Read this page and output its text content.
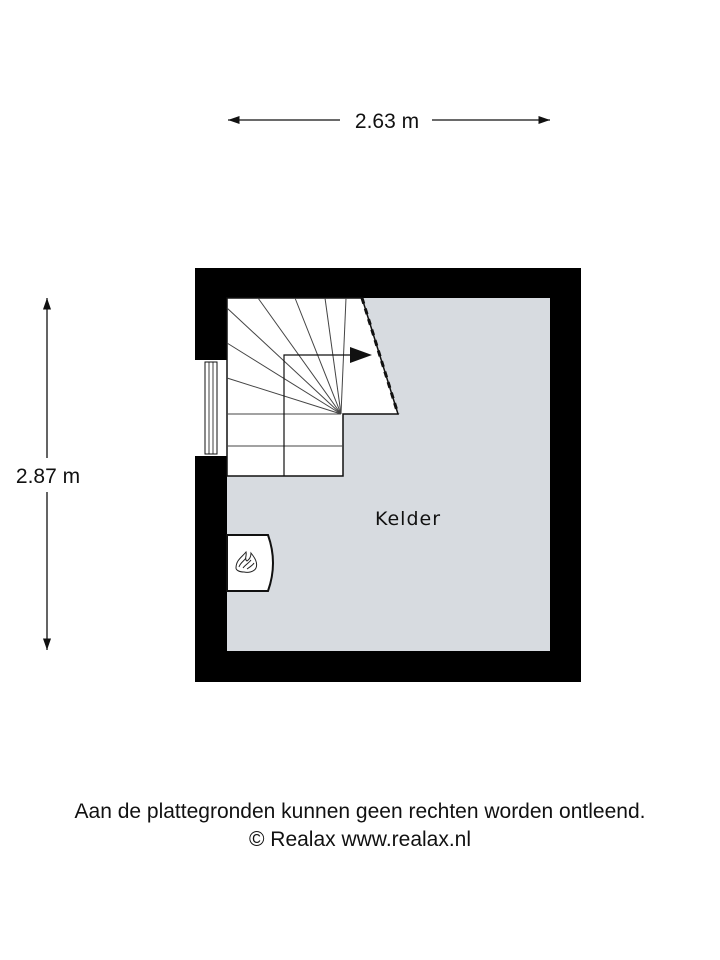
2.63 m
2.87 m
Kelder
Aan de plattegronden kunnen geen rechten worden ontleend.
© Realax www.realax.nl
